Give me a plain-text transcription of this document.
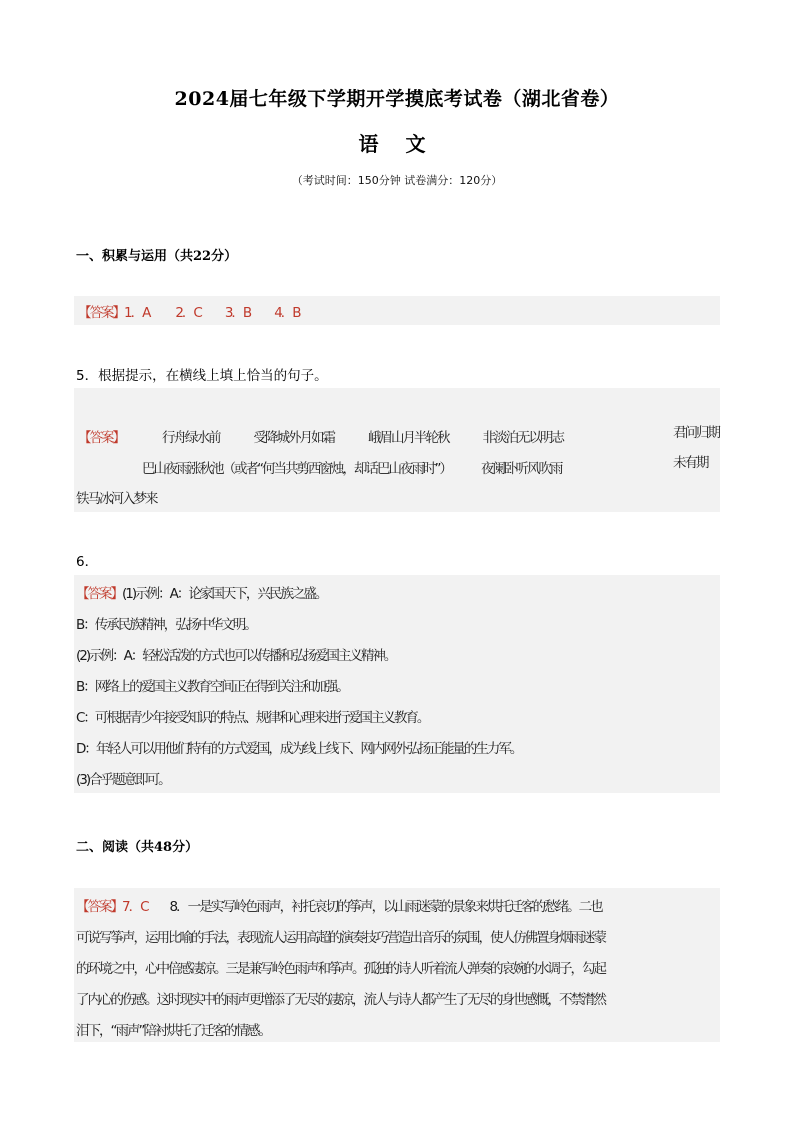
2024届七年级下学期开学摸底考试卷（湖北省卷）
语 文
（考试时间：150分钟 试卷满分：120分）
一、积累与运用（共22分）
【答案】1．A 2．C 3．B 4．B
5．根据提示，在横线上填上恰当的句子。
【答案】	行舟绿水前	受降城外月如霜	峨眉山月半轮秋	非淡泊无以明志	君问归期未有期
巴山夜雨涨秋池（或者“何当共剪西窗烛，却话巴山夜雨时”） 夜阑卧听风吹雨
铁马冰河入梦来
6．
【答案】(1)示例：A：论家国天下，兴民族之盛。
B：传承民族精神，弘扬中华文明。
(2)示例：A：轻松活泼的方式也可以传播和弘扬爱国主义精神。
B：网络上的爱国主义教育空间正在得到关注和加强。
C：可根据青少年接受知识的特点、规律和心理来进行爱国主义教育。
D：年轻人可以用他们特有的方式爱国，成为线上线下、网内网外弘扬正能量的生力军。
(3)合乎题意即可。
二、阅读（共48分）
【答案】7．C 8．一是实写岭色雨声，衬托哀切的筝声，以山雨迷蒙的景象来烘托迁客的愁绪。二也
可说写筝声，运用比喻的手法，表现流人运用高超的演奏技巧营造出音乐的氛围，使人仿佛置身烟雨迷蒙
的环境之中，心中倍感凄凉。三是兼写岭色雨声和筝声。孤独的诗人听着流人弹奏的哀婉的水调子，勾起
了内心的伤感。这时现实中的雨声更增添了无尽的凄凉，流人与诗人都产生了无尽的身世感慨，不禁潸然
泪下，“雨声”陪衬烘托了迁客的情感。
